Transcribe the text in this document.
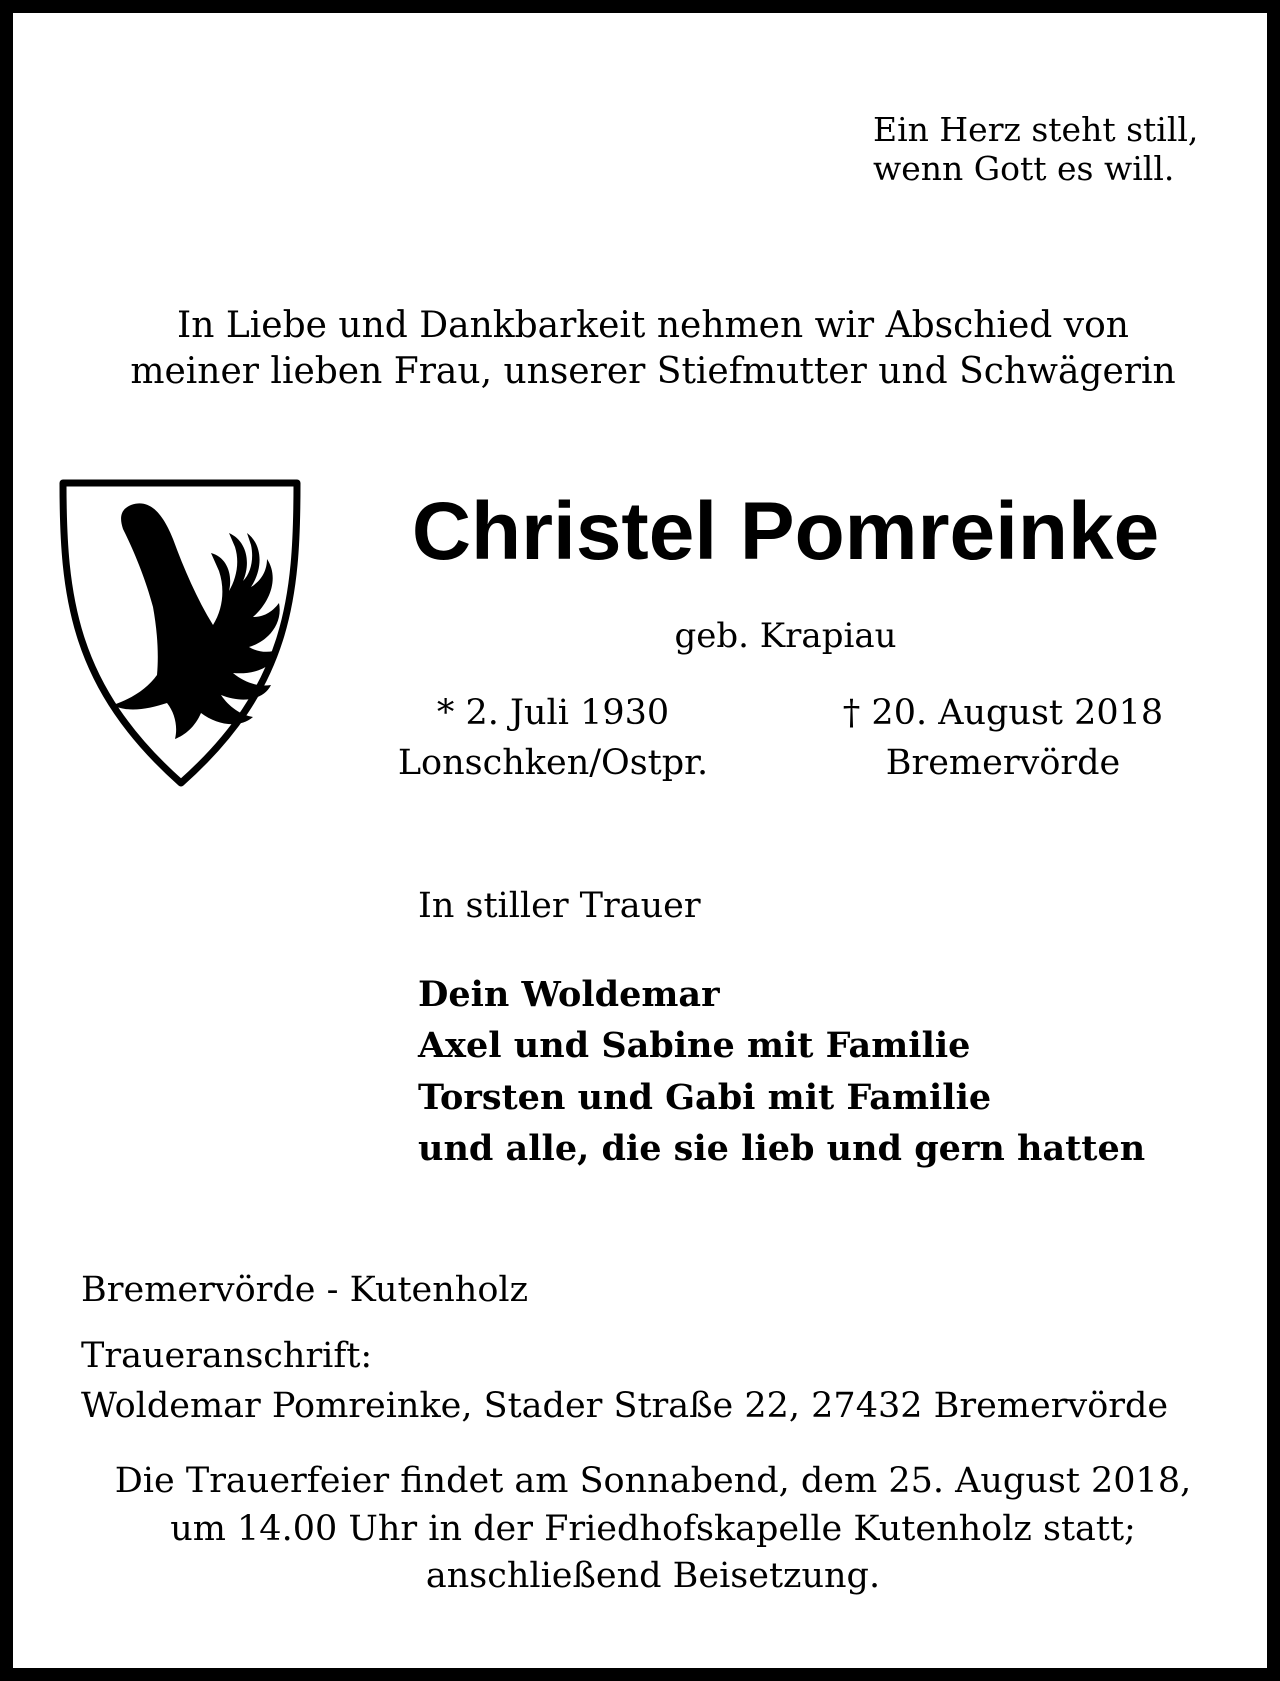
Ein Herz steht still,
wenn Gott es will.
In Liebe und Dankbarkeit nehmen wir Abschied von
meiner lieben Frau, unserer Stiefmutter und Schwägerin
Christel Pomreinke
geb. Krapiau
* 2. Juli 1930
Lonschken/Ostpr.
† 20. August 2018
Bremervörde
In stiller Trauer
Dein Woldemar
Axel und Sabine mit Familie
Torsten und Gabi mit Familie
und alle, die sie lieb und gern hatten
Bremervörde - Kutenholz
Traueranschrift:
Woldemar Pomreinke, Stader Straße 22, 27432 Bremervörde
Die Trauerfeier findet am Sonnabend, dem 25. August 2018,
um 14.00 Uhr in der Friedhofskapelle Kutenholz statt;
anschließend Beisetzung.
